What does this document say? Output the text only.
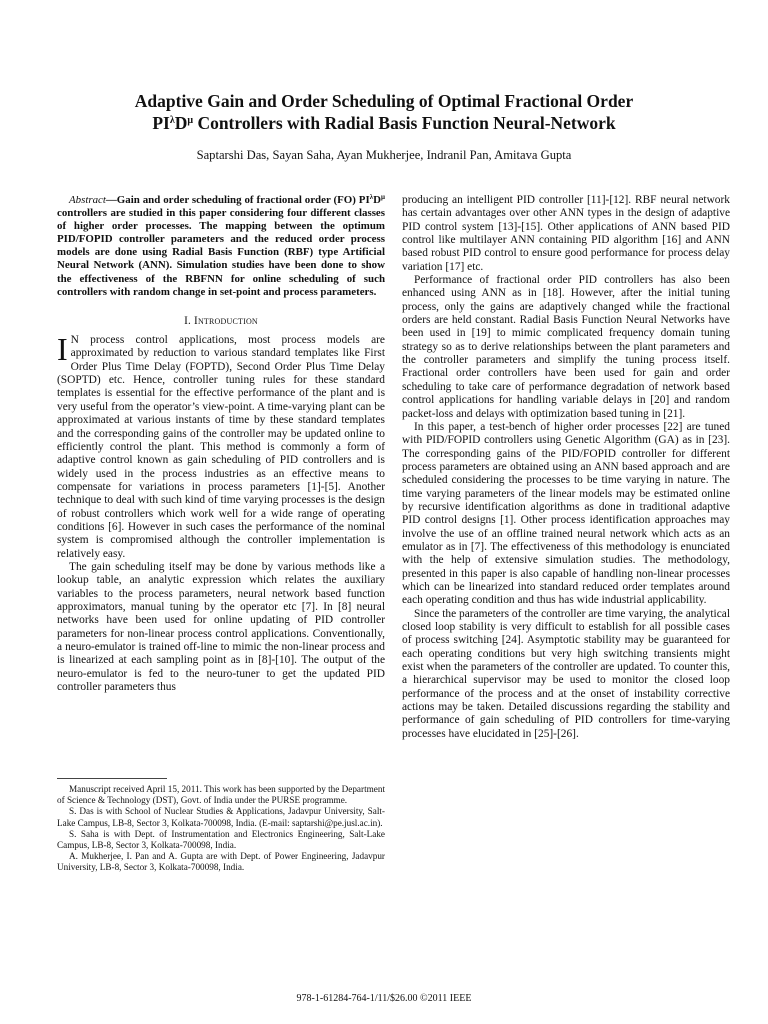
Adaptive Gain and Order Scheduling of Optimal Fractional Order
$PI^\lambda D^\mu$ Controllers with Radial Basis Function Neural-Network
Saptarshi Das, Sayan Saha, Ayan Mukherjee, Indranil Pan, Amitava Gupta

Abstract—Gain and order scheduling of fractional order (FO) $PI^\lambda D^\mu$ controllers are studied in this paper considering four different classes of higher order processes. The mapping between the optimum PID/FOPID controller parameters and the reduced order process models are done using Radial Basis Function (RBF) type Artificial Neural Network (ANN). Simulation studies have been done to show the effectiveness of the RBFNN for online scheduling of such controllers with random change in set-point and process parameters.

I. Introduction

I N process control applications, most process models are approximated by reduction to various standard templates like First Order Plus Time Delay (FOPTD), Second Order Plus Time Delay (SOPTD) etc. Hence, controller tuning rules for these standard templates is essential for the effective performance of the plant and is very useful from the operator’s view-point. A time-varying plant can be approximated at various instants of time by these standard templates and the corresponding gains of the controller may be updated online to efficiently control the plant. This method is commonly a form of adaptive control known as gain scheduling of PID controllers and is widely used in the process industries as an effective means to compensate for variations in process parameters [1]-[5]. Another technique to deal with such kind of time varying processes is the design of robust controllers which work well for a wide range of operating conditions [6]. However in such cases the performance of the nominal system is compromised although the controller implementation is relatively easy.

The gain scheduling itself may be done by various methods like a lookup table, an analytic expression which relates the auxiliary variables to the process parameters, neural network based function approximators, manual tuning by the operator etc [7]. In [8] neural networks have been used for online updating of PID controller parameters for non-linear process control applications. Conventionally, a neuro-emulator is trained off-line to mimic the non-linear process and is linearized at each sampling point as in [8]-[10]. The output of the neuro-emulator is fed to the neuro-tuner to get the updated PID controller parameters thus

Manuscript received April 15, 2011. This work has been supported by the Department of Science & Technology (DST), Govt. of India under the PURSE programme.

S. Das is with School of Nuclear Studies & Applications, Jadavpur University, Salt-Lake Campus, LB-8, Sector 3, Kolkata-700098, India. (E-mail: saptarshi@pe.jusl.ac.in).

S. Saha is with Dept. of Instrumentation and Electronics Engineering, Salt-Lake Campus, LB-8, Sector 3, Kolkata-700098, India.

A. Mukherjee, I. Pan and A. Gupta are with Dept. of Power Engineering, Jadavpur University, LB-8, Sector 3, Kolkata-700098, India.

producing an intelligent PID controller [11]-[12]. RBF neural network has certain advantages over other ANN types in the design of adaptive PID control system [13]-[15]. Other applications of ANN based PID control like multilayer ANN containing PID algorithm [16] and ANN based robust PID control to ensure good performance for process delay variation [17] etc.

Performance of fractional order PID controllers has also been enhanced using ANN as in [18]. However, after the initial tuning process, only the gains are adaptively changed while the fractional orders are held constant. Radial Basis Function Neural Networks have been used in [19] to mimic complicated frequency domain tuning strategy so as to derive relationships between the plant parameters and the controller parameters and simplify the tuning process itself. Fractional order controllers have been used for gain and order scheduling to take care of performance degradation of network based control applications for handling variable delays in [20] and random packet-loss and delays with optimization based tuning in [21].

In this paper, a test-bench of higher order processes [22] are tuned with PID/FOPID controllers using Genetic Algorithm (GA) as in [23]. The corresponding gains of the PID/FOPID controller for different process parameters are obtained using an ANN based approach and are scheduled considering the processes to be time varying in nature. The time varying parameters of the linear models may be estimated online by recursive identification algorithms as done in traditional adaptive PID control designs [1]. Other process identification approaches may involve the use of an offline trained neural network which acts as an emulator as in [7]. The effectiveness of this methodology is enunciated with the help of extensive simulation studies. The methodology, presented in this paper is also capable of handling non-linear processes which can be linearized into standard reduced order templates around each operating condition and thus has wide industrial applicability.

Since the parameters of the controller are time varying, the analytical closed loop stability is very difficult to establish for all possible cases of process switching [24]. Asymptotic stability may be guaranteed for each operating conditions but very high switching transients might exist when the parameters of the controller are updated. To counter this, a hierarchical supervisor may be used to monitor the closed loop performance of the process and at the onset of instability corrective actions may be taken. Detailed discussions regarding the stability and performance of gain scheduling of PID controllers for time-varying processes have elucidated in [25]-[26].

978-1-61284-764-1/11/$26.00 ©2011 IEEE
